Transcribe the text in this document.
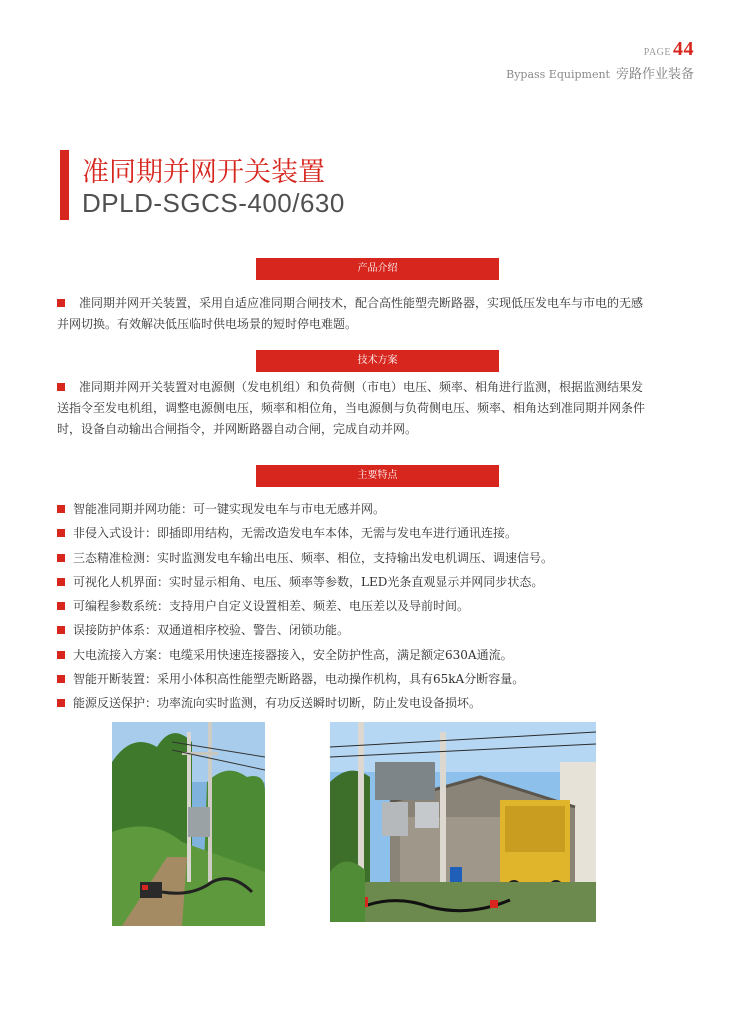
PAGE 44
Bypass Equipment 旁路作业装备
准同期并网开关装置
DPLD-SGCS-400/630
产品介绍
准同期并网开关装置，采用自适应准同期合闸技术，配合高性能塑壳断路器，实现低压发电车与市电的无感并网切换。有效解决低压临时供电场景的短时停电难题。
技术方案
准同期并网开关装置对电源侧（发电机组）和负荷侧（市电）电压、频率、相角进行监测，根据监测结果发送指令至发电机组，调整电源侧电压，频率和相位角，当电源侧与负荷侧电压、频率、相角达到准同期并网条件时，设备自动输出合闸指令，并网断路器自动合闸，完成自动并网。
主要特点
智能准同期并网功能：可一键实现发电车与市电无感并网。
非侵入式设计：即插即用结构，无需改造发电车本体，无需与发电车进行通讯连接。
三态精准检测：实时监测发电车输出电压、频率、相位，支持输出发电机调压、调速信号。
可视化人机界面：实时显示相角、电压、频率等参数，LED光条直观显示并网同步状态。
可编程参数系统：支持用户自定义设置相差、频差、电压差以及导前时间。
误接防护体系：双通道相序校验、警告、闭锁功能。
大电流接入方案：电缆采用快速连接器接入，安全防护性高，满足额定630A通流。
智能开断装置：采用小体积高性能塑壳断路器，电动操作机构，具有65kA分断容量。
能源反送保护：功率流向实时监测，有功反送瞬时切断，防止发电设备损坏。
